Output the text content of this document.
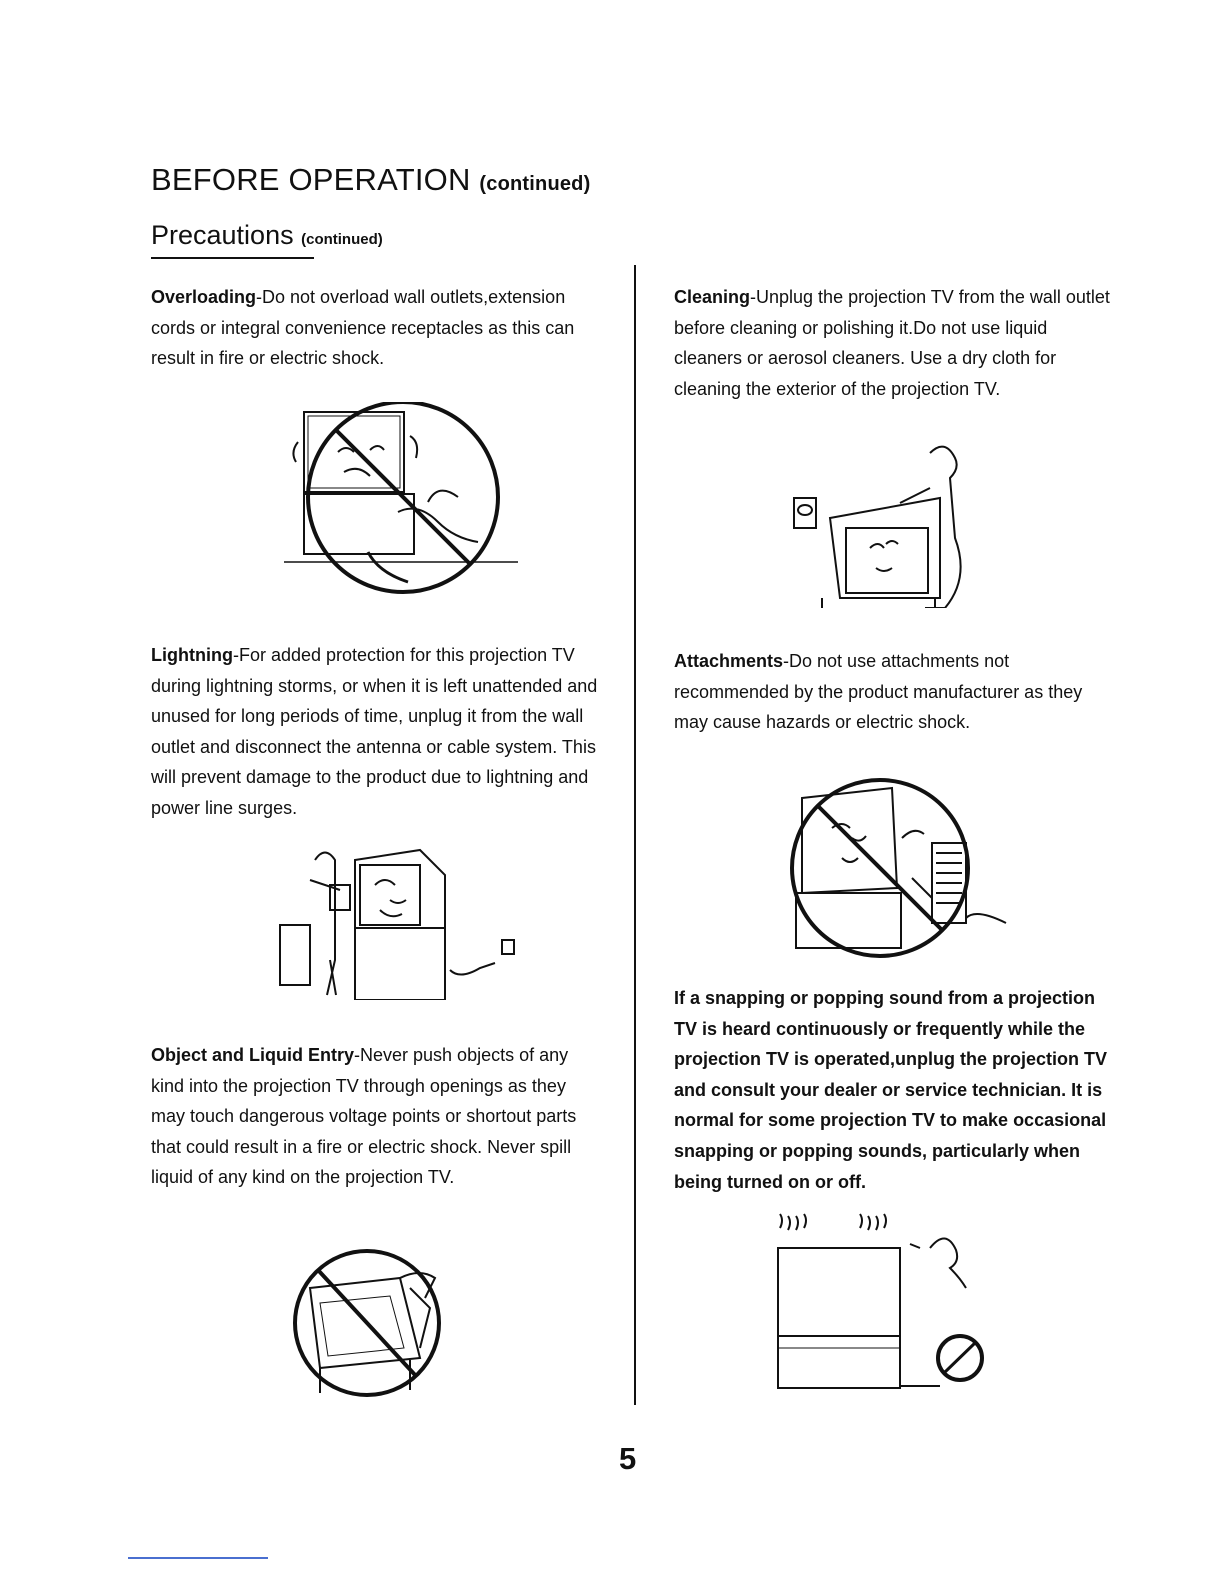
BEFORE OPERATION (continued)
Precautions (continued)
Overloading-Do not overload wall outlets,extension cords or integral convenience receptacles as this can result in fire or electric shock.
Lightning-For added protection for this projection TV during lightning storms, or when it is left unattended and unused for long periods of time, unplug it from the wall outlet and disconnect the antenna or cable system. This will prevent damage to the product due to lightning and power line surges.
Object and Liquid Entry-Never push objects of any kind into the projection TV through openings as they may touch dangerous voltage points or shortout parts that could result in a fire or electric shock. Never spill liquid of any kind on the projection TV.
Cleaning-Unplug the projection TV from the wall outlet before cleaning or polishing it.Do not use liquid cleaners or aerosol cleaners. Use a dry cloth for cleaning the exterior of the projection TV.
Attachments-Do not use attachments not recommended by the product manufacturer as they may cause hazards or electric shock.
If a snapping or popping sound from a projection TV is heard continuously or frequently while the projection TV is operated,unplug the projection TV and consult your dealer or service technician. It is normal for some projection TV to make occasional snapping or popping sounds, particularly when being turned on or off.
5
